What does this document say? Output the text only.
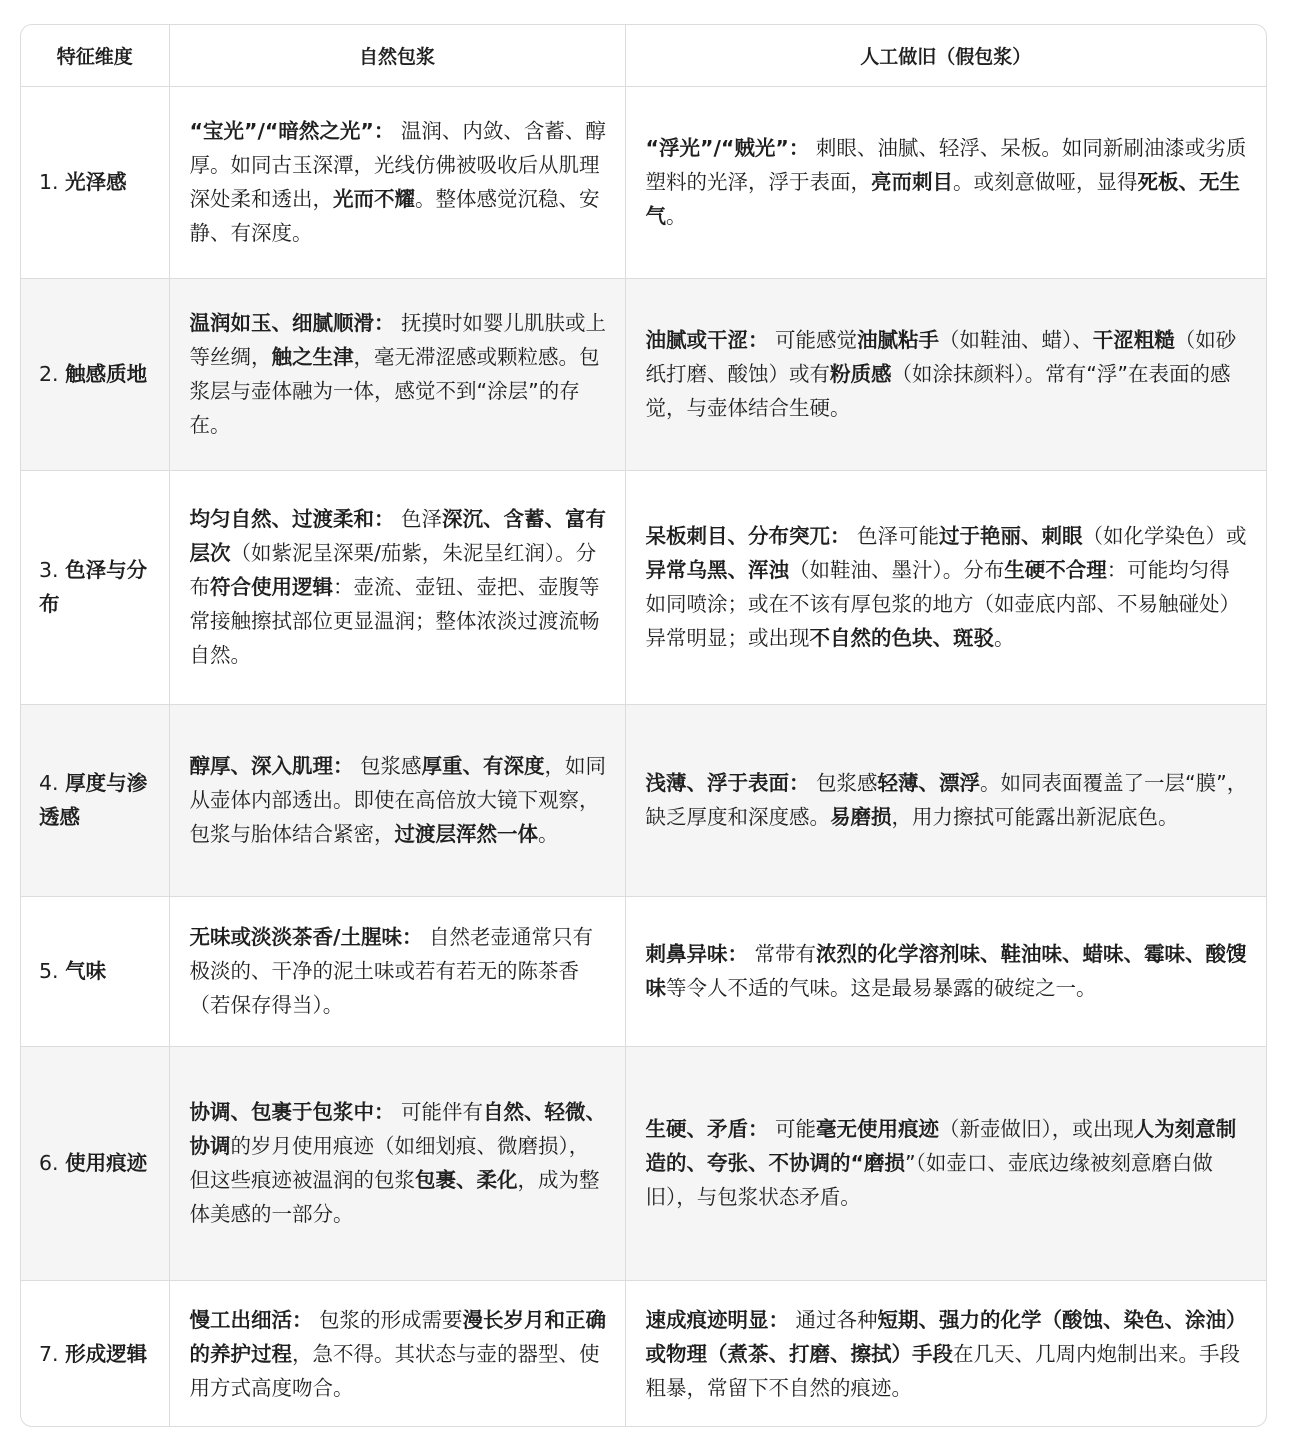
特征维度	自然包浆	人工做旧（假包浆）
1. 光泽感	“宝光”/“暗然之光”： 温润、内敛、含蓄、醇厚。如同古玉深潭，光线仿佛被吸收后从肌理深处柔和透出，光而不耀。整体感觉沉稳、安静、有深度。	“浮光”/“贼光”： 刺眼、油腻、轻浮、呆板。如同新刷油漆或劣质塑料的光泽，浮于表面，亮而刺目。或刻意做哑，显得死板、无生气。
2. 触感质地	温润如玉、细腻顺滑： 抚摸时如婴儿肌肤或上等丝绸，触之生津，毫无滞涩感或颗粒感。包浆层与壶体融为一体，感觉不到“涂层”的存在。	油腻或干涩： 可能感觉油腻粘手（如鞋油、蜡）、干涩粗糙（如砂纸打磨、酸蚀）或有粉质感（如涂抹颜料）。常有“浮”在表面的感觉，与壶体结合生硬。
3. 色泽与分布	均匀自然、过渡柔和： 色泽深沉、含蓄、富有层次（如紫泥呈深栗/茄紫，朱泥呈红润）。分布符合使用逻辑：壶流、壶钮、壶把、壶腹等常接触擦拭部位更显温润；整体浓淡过渡流畅自然。	呆板刺目、分布突兀： 色泽可能过于艳丽、刺眼（如化学染色）或异常乌黑、浑浊（如鞋油、墨汁）。分布生硬不合理：可能均匀得如同喷涂；或在不该有厚包浆的地方（如壶底内部、不易触碰处）异常明显；或出现不自然的色块、斑驳。
4. 厚度与渗透感	醇厚、深入肌理： 包浆感厚重、有深度，如同从壶体内部透出。即使在高倍放大镜下观察，包浆与胎体结合紧密，过渡层浑然一体。	浅薄、浮于表面： 包浆感轻薄、漂浮。如同表面覆盖了一层“膜”，缺乏厚度和深度感。易磨损，用力擦拭可能露出新泥底色。
5. 气味	无味或淡淡茶香/土腥味： 自然老壶通常只有极淡的、干净的泥土味或若有若无的陈茶香（若保存得当）。	刺鼻异味： 常带有浓烈的化学溶剂味、鞋油味、蜡味、霉味、酸馊味等令人不适的气味。这是最易暴露的破绽之一。
6. 使用痕迹	协调、包裹于包浆中： 可能伴有自然、轻微、协调的岁月使用痕迹（如细划痕、微磨损），但这些痕迹被温润的包浆包裹、柔化，成为整体美感的一部分。	生硬、矛盾： 可能毫无使用痕迹（新壶做旧），或出现人为刻意制造的、夸张、不协调的“磨损”（如壶口、壶底边缘被刻意磨白做旧），与包浆状态矛盾。
7. 形成逻辑	慢工出细活： 包浆的形成需要漫长岁月和正确的养护过程，急不得。其状态与壶的器型、使用方式高度吻合。	速成痕迹明显： 通过各种短期、强力的化学（酸蚀、染色、涂油）或物理（煮茶、打磨、擦拭）手段在几天、几周内炮制出来。手段粗暴，常留下不自然的痕迹。
